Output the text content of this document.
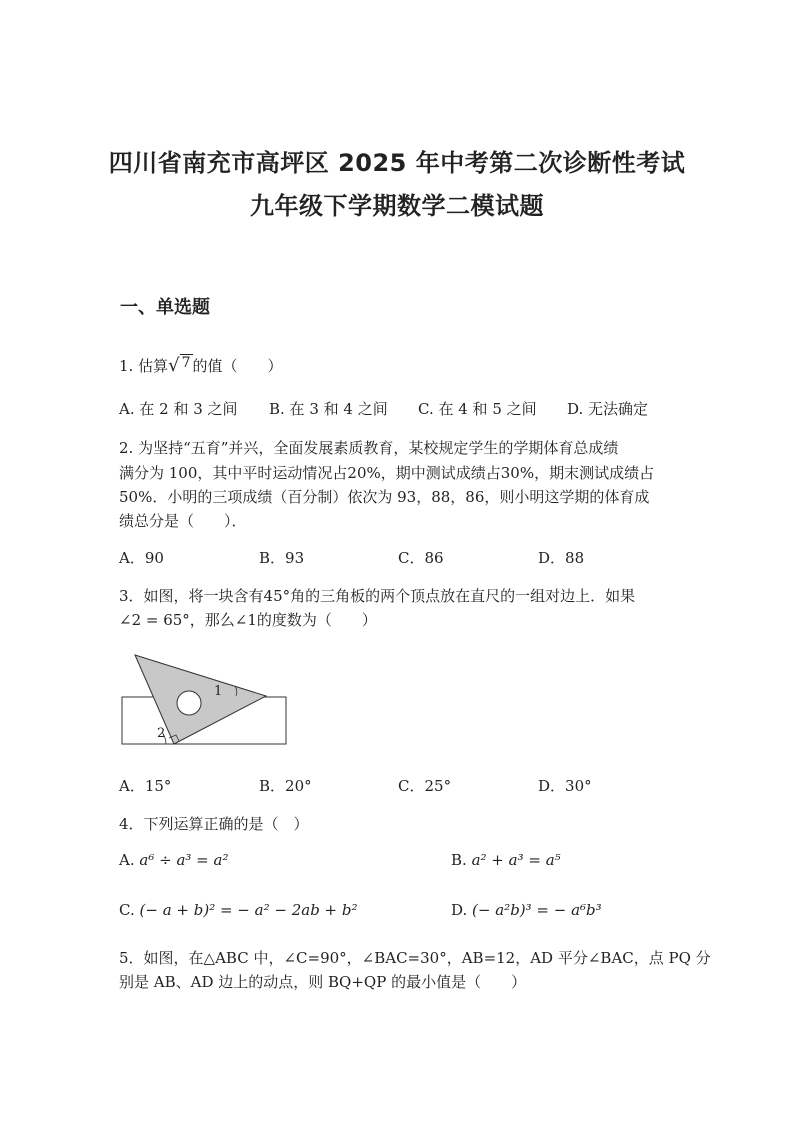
四川省南充市高坪区 2025 年中考第二次诊断性考试
九年级下学期数学二模试题
一、单选题
1. 估算√ 7 的值（　　）
A. 在 2 和 3 之间 B. 在 3 和 4 之间 C. 在 4 和 5 之间 D. 无法确定
2. 为坚持“五育”并兴，全面发展素质教育，某校规定学生的学期体育总成绩
满分为 100，其中平时运动情况占20%，期中测试成绩占30%，期末测试成绩占
50%．小明的三项成绩（百分制）依次为 93，88，86，则小明这学期的体育成
绩总分是（　　）．
A．90	B．93	C．86	D．88
3．如图，将一块含有45°角的三角板的两个顶点放在直尺的一组对边上．如果
∠2 = 65°，那么∠1的度数为（　　）
1
2
A．15°	B．20°	C．25°	D．30°
4．下列运算正确的是（　）
A. a⁶ ÷ a³ = a²	B. a² + a³ = a⁵
C. (− a + b)² = − a² − 2ab + b²	D. (− a²b)³ = − a⁶b³
5．如图，在△ABC 中，∠C=90°，∠BAC=30°，AB=12，AD 平分∠BAC，点 PQ 分
别是 AB、AD 边上的动点，则 BQ+QP 的最小值是（　　）
